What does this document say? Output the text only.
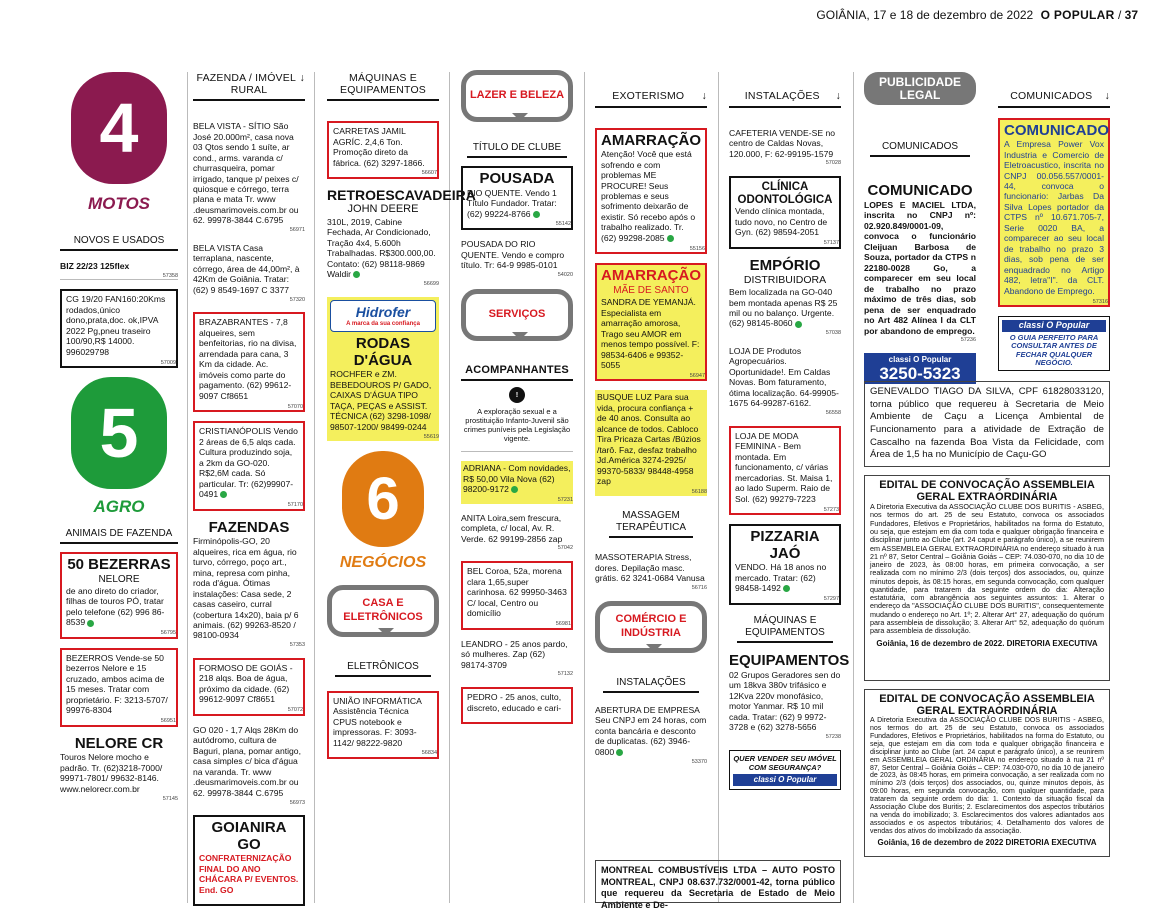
GOIÂNIA, 17 e 18 de dezembro de 2022 O POPULAR / 37
4
MOTOS
NOVOS E USADOS
BIZ 22/23 125flex
57358
CG 19/20 FAN160:20Kms rodados,único dono,prata,doc. ok,IPVA 2022 Pg,pneu traseiro 100/90,R$ 14000. 996029798
57009
5
AGRO
ANIMAIS DE FAZENDA
50 BEZERRAS
NELORE
de ano direto do criador, filhas de touros PÓ, tratar pelo telefone (62) 996 86-8539
56795
BEZERROS Vende-se 50 bezerros Nelore e 15 cruzado, ambos acima de 15 meses. Tratar com proprietário. F: 3213-5707/ 99976-8304
56951
NELORE CR
Touros Nelore mocho e padrão. Tr. (62)3218-7000/ 99971-7801/ 99632-8146. www.nelorecr.com.br
57145
↓
FAZENDA / IMÓVEL RURAL
BELA VISTA - SÍTIO São José 20.000m², casa nova 03 Qtos sendo 1 suíte, ar cond., arms. varanda c/ churrasqueira, pomar irrigado, tanque p/ peixes c/ quiosque e córrego, terra plana e mata Tr. www .deusmarimoveis.com.br ou 62. 99978-3844 C.6795
56971
BELA VISTA Casa terraplana, nascente, córrego, área de 44,00m², à 42Km de Goiânia. Tratar: (62) 9 8549-1697 C 3377
57320
BRAZABRANTES - 7,8 alqueires, sem benfeitorias, rio na divisa, arrendada para cana, 3 Km da cidade. Ac. imóveis como parte do pagamento. (62) 99612-9097 Cf8651
57070
CRISTIANÓPOLIS Vendo 2 áreas de 6,5 alqs cada. Cultura produzindo soja, a 2km da GO-020. R$2,6M cada. Só particular. Tr: (62)99907-0491
57170
FAZENDAS
Firminópolis-GO, 20 alqueires, rica em água, rio turvo, córrego, poço art., mina, represa com pinha, roda d'água. Ótimas instalações: Casa sede, 2 casas caseiro, curral (cobertura 14x20), baia p/ 6 animais. (62) 99263-8520 / 98100-0934
57353
FORMOSO DE GOIÁS - 218 alqs. Boa de água, próximo da cidade. (62) 99612-9097 Cf8651
57072
GO 020 - 1,7 Alqs 28Km do autódromo, cultura de Baguri, plana, pomar antigo, casa simples c/ bica d'água na varanda. Tr. www .deusmarimoveis.com.br ou 62. 99978-3844 C.6795
56973
GOIANIRA GO
CONFRATERNIZAÇÃO FINAL DO ANO CHÁCARA P/ EVENTOS. End. GO
MÁQUINAS E EQUIPAMENTOS
CARRETAS JAMIL AGRÍC. 2,4,6 Ton. Promoção direto da fábrica. (62) 3297-1866.
56607
RETROESCAVADEIRA
JOHN DEERE
310L, 2019, Cabine Fechada, Ar Condicionado, Tração 4x4, 5.600h Trabalhadas. R$300.000,00. Contato: (62) 98118-9869 Waldir
56699
Hidrofer
A marca da sua confiança
RODAS D'ÁGUA
ROCHFER e ZM. BEBEDOUROS P/ GADO, CAIXAS D'ÁGUA TIPO TAÇA, PEÇAS e ASSIST. TÉCNICA (62) 3298-1098/ 98507-1200/ 98499-0244
55619
6
NEGÓCIOS
CASA E ELETRÔNICOS
ELETRÔNICOS
UNIÃO INFORMÁTICA Assistência Técnica CPUS notebook e impressoras. F: 3093-1142/ 98222-9820
56834
LAZER E BELEZA
TÍTULO DE CLUBE
POUSADA
RIO QUENTE. Vendo 1 Título Fundador. Tratar: (62) 99224-8766
55142
POUSADA DO RIO QUENTE. Vendo e compro título. Tr: 64-9 9985-0101
54020
SERVIÇOS
ACOMPANHANTES
!
A exploração sexual e a prostituição Infanto-Juvenil são crimes puníveis pela Legislação vigente.
ADRIANA - Com novidades, R$ 50,00 Vila Nova (62) 98200-9172
57231
ANITA Loira,sem frescura, completa, c/ local, Av. R. Verde. 62 99199-2856 zap
57042
BEL Coroa, 52a, morena clara 1,65,super carinhosa. 62 99950-3463 C/ local, Centro ou domicílio
56981
LEANDRO - 25 anos pardo, só mulheres. Zap (62) 98174-3709
57132
PEDRO - 25 anos, culto, discreto, educado e cari-
↓
EXOTERISMO
AMARRAÇÃO
Atenção! Você que está sofrendo e com problemas ME PROCURE! Seus problemas e seus sofrimento deixarão de existir. Só recebo após o trabalho realizado. Tr. (62) 99298-2085
55156
AMARRAÇÃO
MÃE DE SANTO
SANDRA DE YEMANJÁ. Especialista em amarração amorosa, Trago seu AMOR em menos tempo possível. F: 98534-6406 e 99352-5055
56947
BUSQUE LUZ Para sua vida, procura confiança + de 40 anos. Consulta ao alcance de todos. Cabloco Tira Pricaza Cartas /Búzios /tarô. Faz, desfaz trabalho Jd.América 3274-2925/ 99370-5833/ 98448-4958 zap
56188
MASSAGEM TERAPÊUTICA
MASSOTERAPIA Stress, dores. Depilação masc. grátis. 62 3241-0684 Vanusa
56716
COMÉRCIO E INDÚSTRIA
INSTALAÇÕES
ABERTURA DE EMPRESA Seu CNPJ em 24 horas, com conta bancária e desconto de duplicatas. (62) 3946-0800
53370
↓
INSTALAÇÕES
CAFETERIA VENDE-SE no centro de Caldas Novas, 120.000, F: 62-99195-1579
57028
CLÍNICA ODONTOLÓGICA
Vendo clínica montada, tudo novo, no Centro de Gyn. (62) 98594-2051
57137
EMPÓRIO
DISTRIBUIDORA
Bem localizada na GO-040 bem montada apenas R$ 25 mil ou no balanço. Urgente. (62) 98145-8060
57038
LOJA DE Produtos Agropecuários. Oportunidade!. Em Caldas Novas. Bom faturamento, ótima localização. 64-99905-1675 64-99287-6162.
56558
LOJA DE MODA FEMININA - Bem montada. Em funcionamento, c/ várias mercadorias. St. Maisa 1, ao lado Superm. Raio de Sol. (62) 99279-7223
57273
PIZZARIA JAÓ
VENDO. Há 18 anos no mercado. Tratar: (62) 98458-1492
57297
MÁQUINAS E EQUIPAMENTOS
EQUIPAMENTOS
02 Grupos Geradores sen do um 18kva 380v trifásico e 12Kva 220v monofásico, motor Yanmar. R$ 10 mil cada. Tratar: (62) 9 9972-3728 e (62) 3278-5656
57238
QUER VENDER SEU IMÓVEL COM SEGURANÇA?
classi O Popular
PUBLICIDADE LEGAL
COMUNICADOS
COMUNICADO
LOPES E MACIEL LTDA, inscrita no CNPJ nº: 02.920.849/0001-09, convoca o funcionário Cleijuan Barbosa de Souza, portador da CTPS n 22180-0028 Go, a comparecer em seu local de trabalho no prazo máximo de três dias, sob pena de ser enquadrado no Art 482 Alínea I da CLT por abandono de emprego.
57236
classi O Popular
3250-5323
GENEVALDO TIAGO DA SILVA, CPF 61828033120, torna público que requereu à Secretaria de Meio Ambiente de Caçu a Licença Ambiental de Funcionamento para a atividade de Extração de Cascalho na fazenda Boa Vista da Felicidade, com Área de 1,5 ha no Município de Caçu-GO
EDITAL DE CONVOCAÇÃO ASSEMBLEIA GERAL EXTRAORDINÁRIA
A Diretoria Executiva da ASSOCIAÇÃO CLUBE DOS BURITIS - ASBEG, nos termos do art. 25 de seu Estatuto, convoca os associados Fundadores, Efetivos e Proprietários, habilitados na forma do Estatuto, ou seja, que estejam em dia com toda e qualquer obrigação financeira e disciplinar junto ao Clube (art. 24 caput e parágrafo único), a se reunirem em ASSEMBLEIA GERAL EXTRAORDINÁRIA no endereço situado à rua 21 nº 87, Setor Central – Goiânia Goiás – CEP: 74.030-070, no dia 10 de janeiro de 2023, às 08:00 horas, em primeira convocação, a ser realizada com no mínimo 2/3 (dois terços) dos associados, ou, quinze minutos depois, às 08:15 horas, em segunda convocação, com qualquer quantidade, para tratarem da seguinte ordem do dia: Alteração estatutária, com abrangência aos seguintes assuntos: 1. Alterar o endereço da "ASSOCIAÇÃO CLUBE DOS BURITIS", consequentemente mudando o endereço no Art. 1º; 2. Alterar Art° 27, adequação do quórum para assembleia de dissolução; 3. Alterar Art° 52, adequação do quórum para assembleia de dissolução.
Goiânia, 16 de dezembro de 2022. DIRETORIA EXECUTIVA
EDITAL DE CONVOCAÇÃO ASSEMBLEIA GERAL EXTRAORDINÁRIA
A Diretoria Executiva da ASSOCIAÇÃO CLUBE DOS BURITIS - ASBEG, nos termos do art. 25 de seu Estatuto, convoca os associados Fundadores, Efetivos e Proprietários, habilitados na forma do Estatuto, ou seja, que estejam em dia com toda e qualquer obrigação financeira e disciplinar junto ao Clube (art. 24 caput e parágrafo único), a se reunirem em ASSEMBLEIA GERAL ORDINÁRIA no endereço situado à rua 21 nº 87, Setor Central – Goiânia Goiás – CEP: 74.030-070, no dia 10 de janeiro de 2023, às 08:45 horas, em primeira convocação, a ser realizada com no mínimo 2/3 (dois terços) dos associados, ou, quinze minutos depois, às 09:00 horas, em segunda convocação, com qualquer quantidade, para tratarem da seguinte ordem do dia: 1. Contexto da situação fiscal da Associação Clube dos Buritis; 2. Esclarecimentos dos aspectos tributários na venda do imobilizado; 3. Esclarecimentos dos valores adiantados aos associados e os aspectos tributários; 4. Detalhamento dos valores de vendas dos ativos do imobilizado da associação.
Goiânia, 16 de dezembro de 2022 DIRETORIA EXECUTIVA
MONTREAL COMBUSTÍVEIS LTDA – AUTO POSTO MONTREAL, CNPJ 08.637.732/0001-42, torna público que requereu da Secretaria de Estado de Meio Ambiente e De-
↓
COMUNICADOS
COMUNICADO
A Empresa Power Vox Industria e Comercio de Eletroacustico, inscrita no CNPJ 00.056.557/0001-44, convoca o funcionario: Jarbas Da Silva Lopes portador da CTPS nº 10.671.705-7, Serie 0020 BA, a comparecer ao seu local de trabalho no prazo 3 dias, sob pena de ser enquadrado no Artigo 482, letra"I". da CLT. Abandono de Emprego.
57316
classi O Popular
O GUIA PERFEITO PARA CONSULTAR ANTES DE FECHAR QUALQUER NEGÓCIO.
